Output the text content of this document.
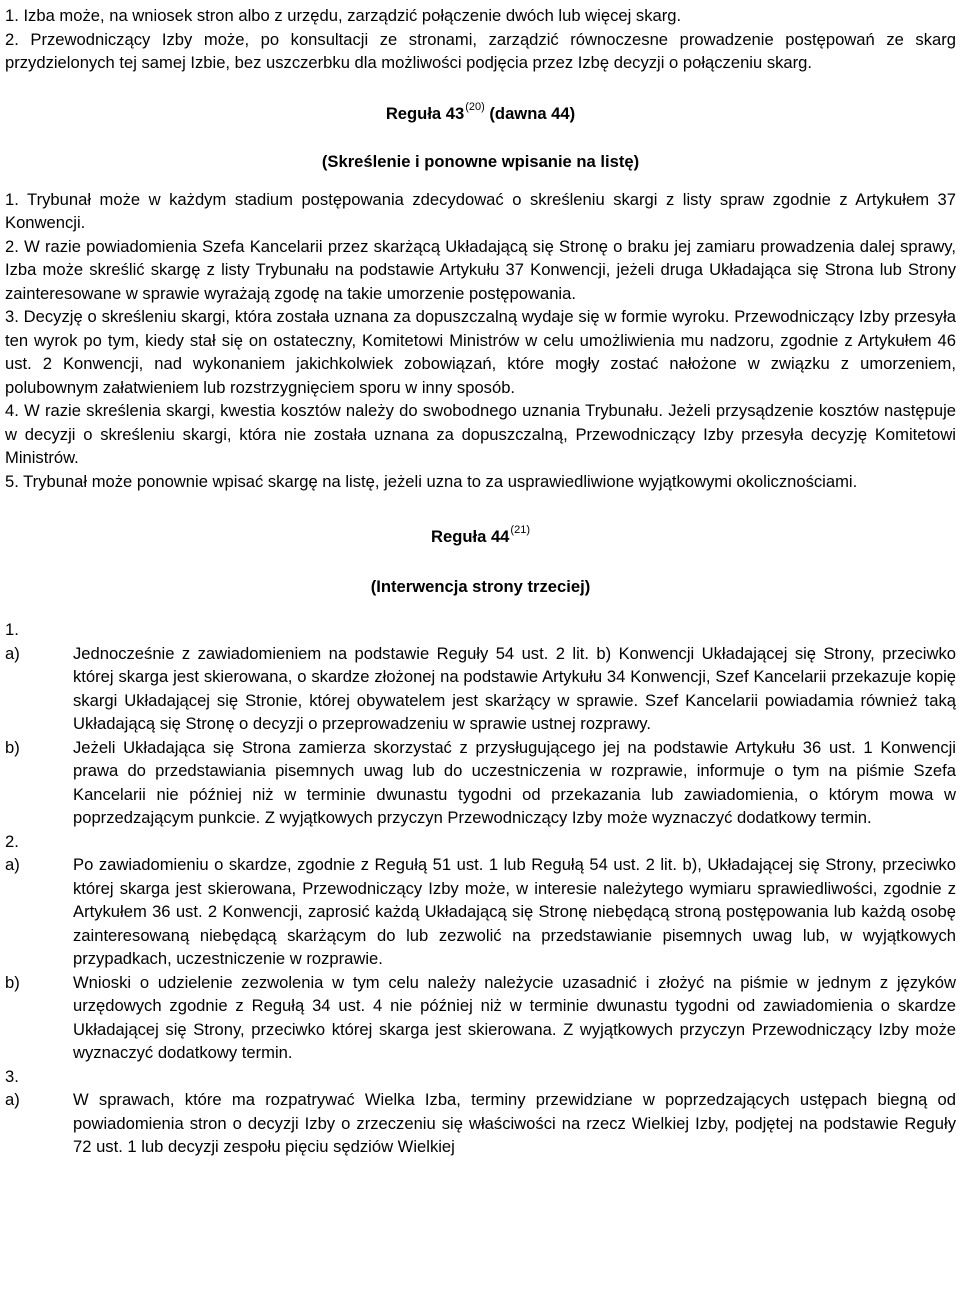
1. Izba może, na wniosek stron albo z urzędu, zarządzić połączenie dwóch lub więcej skarg.

2. Przewodniczący Izby może, po konsultacji ze stronami, zarządzić równoczesne prowadzenie postępowań ze skarg przydzielonych tej samej Izbie, bez uszczerbku dla możliwości podjęcia przez Izbę decyzji o połączeniu skarg.

Reguła 43$^{(20)}$ (dawna 44)
(Skreślenie i ponowne wpisanie na listę)

1. Trybunał może w każdym stadium postępowania zdecydować o skreśleniu skargi z listy spraw zgodnie z Artykułem 37 Konwencji.

2. W razie powiadomienia Szefa Kancelarii przez skarżącą Układającą się Stronę o braku jej zamiaru prowadzenia dalej sprawy, Izba może skreślić skargę z listy Trybunału na podstawie Artykułu 37 Konwencji, jeżeli druga Układająca się Strona lub Strony zainteresowane w sprawie wyrażają zgodę na takie umorzenie postępowania.

3. Decyzję o skreśleniu skargi, która została uznana za dopuszczalną wydaje się w formie wyroku. Przewodniczący Izby przesyła ten wyrok po tym, kiedy stał się on ostateczny, Komitetowi Ministrów w celu umożliwienia mu nadzoru, zgodnie z Artykułem 46 ust. 2 Konwencji, nad wykonaniem jakichkolwiek zobowiązań, które mogły zostać nałożone w związku z umorzeniem, polubownym załatwieniem lub rozstrzygnięciem sporu w inny sposób.

4. W razie skreślenia skargi, kwestia kosztów należy do swobodnego uznania Trybunału. Jeżeli przysądzenie kosztów następuje w decyzji o skreśleniu skargi, która nie została uznana za dopuszczalną, Przewodniczący Izby przesyła decyzję Komitetowi Ministrów.

5. Trybunał może ponownie wpisać skargę na listę, jeżeli uzna to za usprawiedliwione wyjątkowymi okolicznościami.

Reguła 44$^{(21)}$
(Interwencja strony trzeciej)

1.

a)	Jednocześnie z zawiadomieniem na podstawie Reguły 54 ust. 2 lit. b) Konwencji Układającej się Strony, przeciwko której skarga jest skierowana, o skardze złożonej na podstawie Artykułu 34 Konwencji, Szef Kancelarii przekazuje kopię skargi Układającej się Stronie, której obywatelem jest skarżący w sprawie. Szef Kancelarii powiadamia również taką Układającą się Stronę o decyzji o przeprowadzeniu w sprawie ustnej rozprawy.
b)	Jeżeli Układająca się Strona zamierza skorzystać z przysługującego jej na podstawie Artykułu 36 ust. 1 Konwencji prawa do przedstawiania pisemnych uwag lub do uczestniczenia w rozprawie, informuje o tym na piśmie Szefa Kancelarii nie później niż w terminie dwunastu tygodni od przekazania lub zawiadomienia, o którym mowa w poprzedzającym punkcie. Z wyjątkowych przyczyn Przewodniczący Izby może wyznaczyć dodatkowy termin.

2.

a)	Po zawiadomieniu o skardze, zgodnie z Regułą 51 ust. 1 lub Regułą 54 ust. 2 lit. b), Układającej się Strony, przeciwko której skarga jest skierowana, Przewodniczący Izby może, w interesie należytego wymiaru sprawiedliwości, zgodnie z Artykułem 36 ust. 2 Konwencji, zaprosić każdą Układającą się Stronę niebędącą stroną postępowania lub każdą osobę zainteresowaną niebędącą skarżącym do lub zezwolić na przedstawianie pisemnych uwag lub, w wyjątkowych przypadkach, uczestniczenie w rozprawie.
b)	Wnioski o udzielenie zezwolenia w tym celu należy należycie uzasadnić i złożyć na piśmie w jednym z języków urzędowych zgodnie z Regułą 34 ust. 4 nie później niż w terminie dwunastu tygodni od zawiadomienia o skardze Układającej się Strony, przeciwko której skarga jest skierowana. Z wyjątkowych przyczyn Przewodniczący Izby może wyznaczyć dodatkowy termin.

3.

a)	W sprawach, które ma rozpatrywać Wielka Izba, terminy przewidziane w poprzedzających ustępach biegną od powiadomienia stron o decyzji Izby o zrzeczeniu się właściwości na rzecz Wielkiej Izby, podjętej na podstawie Reguły 72 ust. 1 lub decyzji zespołu pięciu sędziów Wielkiej
